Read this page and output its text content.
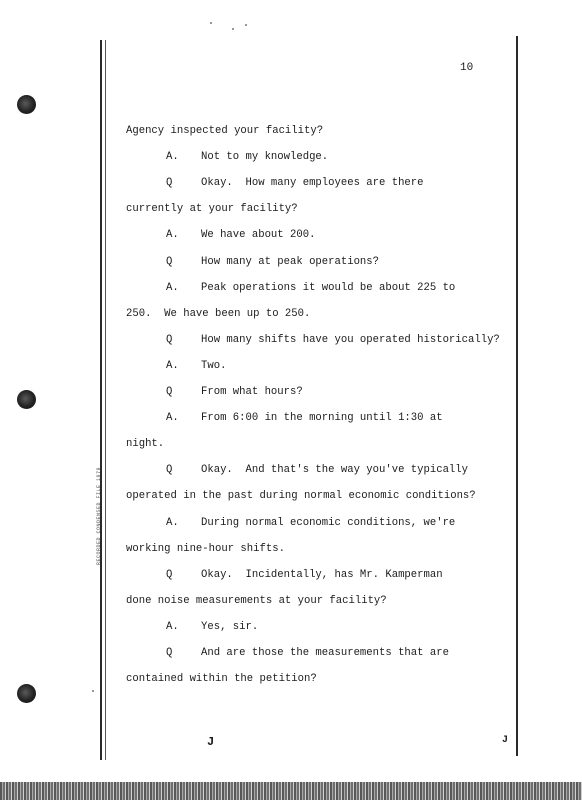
RECORDED CONDENSED FILE 1979
10
Agency inspected your facility?
A. Not to my knowledge.
Q	Okay.  How many employees are there
currently at your facility?
A. We have about 200.
Q	How many at peak operations?
A. Peak operations it would be about 225 to
250.  We have been up to 250.
Q	How many shifts have you operated historically?
A. Two.
Q	From what hours?
A. From 6:00 in the morning until 1:30 at
night.
Q	Okay.  And that's the way you've typically
operated in the past during normal economic conditions?
A. During normal economic conditions, we're
working nine-hour shifts.
Q	Okay.  Incidentally, has Mr. Kamperman
done noise measurements at your facility?
A. Yes, sir.
Q	And are those the measurements that are
contained within the petition?
J	J
